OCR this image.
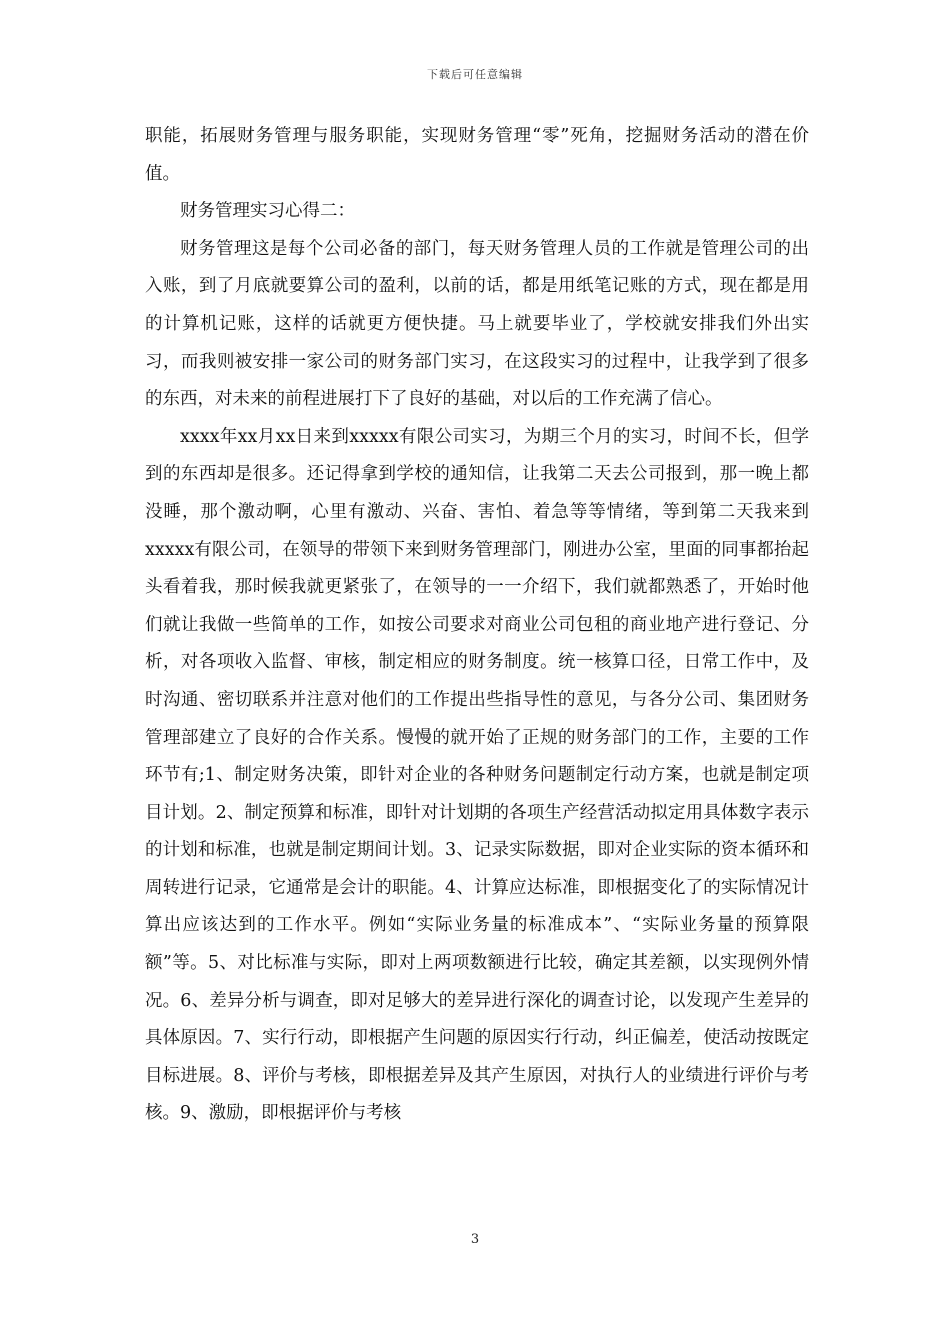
下载后可任意编辑

职能，拓展财务管理与服务职能，实现财务管理“零”死角，挖掘财务活动的潜在价值。

财务管理实习心得二：

财务管理这是每个公司必备的部门，每天财务管理人员的工作就是管理公司的出入账，到了月底就要算公司的盈利，以前的话，都是用纸笔记账的方式，现在都是用的计算机记账，这样的话就更方便快捷。马上就要毕业了，学校就安排我们外出实习，而我则被安排一家公司的财务部门实习，在这段实习的过程中，让我学到了很多的东西，对未来的前程进展打下了良好的基础，对以后的工作充满了信心。

xxxx年xx月xx日来到xxxxx有限公司实习，为期三个月的实习，时间不长，但学到的东西却是很多。还记得拿到学校的通知信，让我第二天去公司报到，那一晚上都没睡，那个激动啊，心里有激动、兴奋、害怕、着急等等情绪，等到第二天我来到xxxxx有限公司，在领导的带领下来到财务管理部门，刚进办公室，里面的同事都抬起头看着我，那时候我就更紧张了，在领导的一一介绍下，我们就都熟悉了，开始时他们就让我做一些简单的工作，如按公司要求对商业公司包租的商业地产进行登记、分析，对各项收入监督、审核，制定相应的财务制度。统一核算口径，日常工作中，及时沟通、密切联系并注意对他们的工作提出些指导性的意见，与各分公司、集团财务管理部建立了良好的合作关系。慢慢的就开始了正规的财务部门的工作，主要的工作环节有;1、制定财务决策，即针对企业的各种财务问题制定行动方案，也就是制定项目计划。2、制定预算和标准，即针对计划期的各项生产经营活动拟定用具体数字表示的计划和标准，也就是制定期间计划。3、记录实际数据，即对企业实际的资本循环和周转进行记录，它通常是会计的职能。4、计算应达标准，即根据变化了的实际情况计算出应该达到的工作水平。例如“实际业务量的标准成本”、“实际业务量的预算限额”等。5、对比标准与实际，即对上两项数额进行比较，确定其差额，以实现例外情况。6、差异分析与调查，即对足够大的差异进行深化的调查讨论，以发现产生差异的具体原因。7、实行行动，即根据产生问题的原因实行行动，纠正偏差，使活动按既定目标进展。8、评价与考核，即根据差异及其产生原因，对执行人的业绩进行评价与考核。9、激励，即根据评价与考核

3
